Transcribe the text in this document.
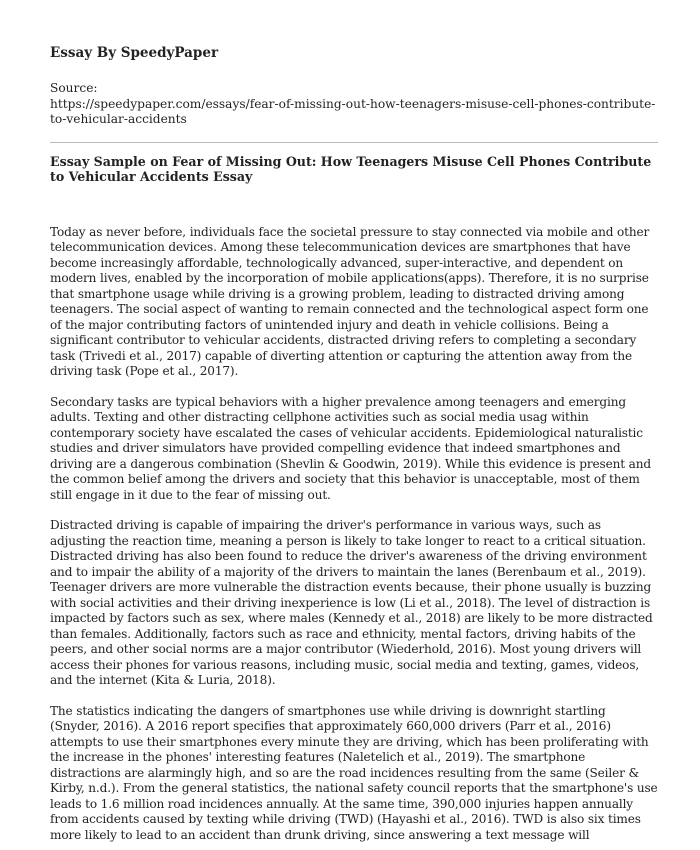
Essay By SpeedyPaper

Source:

https://speedypaper.com/essays/fear-of-missing-out-how-teenagers-misuse-cell-phones-contribute-to-vehicular-accidents

Essay Sample on Fear of Missing Out: How Teenagers Misuse Cell Phones Contribute to Vehicular Accidents Essay

Today as never before, individuals face the societal pressure to stay connected via mobile and other telecommunication devices. Among these telecommunication devices are smartphones that have become increasingly affordable, technologically advanced, super-interactive, and dependent on modern lives, enabled by the incorporation of mobile applications(apps). Therefore, it is no surprise that smartphone usage while driving is a growing problem, leading to distracted driving among teenagers. The social aspect of wanting to remain connected and the technological aspect form one of the major contributing factors of unintended injury and death in vehicle collisions. Being a significant contributor to vehicular accidents, distracted driving refers to completing a secondary task (Trivedi et al., 2017) capable of diverting attention or capturing the attention away from the driving task (Pope et al., 2017).

Secondary tasks are typical behaviors with a higher prevalence among teenagers and emerging adults. Texting and other distracting cellphone activities such as social media usag within contemporary society have escalated the cases of vehicular accidents. Epidemiological naturalistic studies and driver simulators have provided compelling evidence that indeed smartphones and driving are a dangerous combination (Shevlin & Goodwin, 2019). While this evidence is present and the common belief among the drivers and society that this behavior is unacceptable, most of them still engage in it due to the fear of missing out.

Distracted driving is capable of impairing the driver's performance in various ways, such as adjusting the reaction time, meaning a person is likely to take longer to react to a critical situation. Distracted driving has also been found to reduce the driver's awareness of the driving environment and to impair the ability of a majority of the drivers to maintain the lanes (Berenbaum et al., 2019). Teenager drivers are more vulnerable the distraction events because, their phone usually is buzzing with social activities and their driving inexperience is low (Li et al., 2018). The level of distraction is impacted by factors such as sex, where males (Kennedy et al., 2018) are likely to be more distracted than females. Additionally, factors such as race and ethnicity, mental factors, driving habits of the peers, and other social norms are a major contributor (Wiederhold, 2016). Most young drivers will access their phones for various reasons, including music, social media and texting, games, videos, and the internet (Kita & Luria, 2018).

The statistics indicating the dangers of smartphones use while driving is downright startling (Snyder, 2016). A 2016 report specifies that approximately 660,000 drivers (Parr et al., 2016) attempts to use their smartphones every minute they are driving, which has been proliferating with the increase in the phones' interesting features (Naletelich et al., 2019). The smartphone distractions are alarmingly high, and so are the road incidences resulting from the same (Seiler & Kirby, n.d.). From the general statistics, the national safety council reports that the smartphone's use leads to 1.6 million road incidences annually. At the same time, 390,000 injuries happen annually from accidents caused by texting while driving (TWD) (Hayashi et al., 2016). TWD is also six times more likely to lead to an accident than drunk driving, since answering a text message will
